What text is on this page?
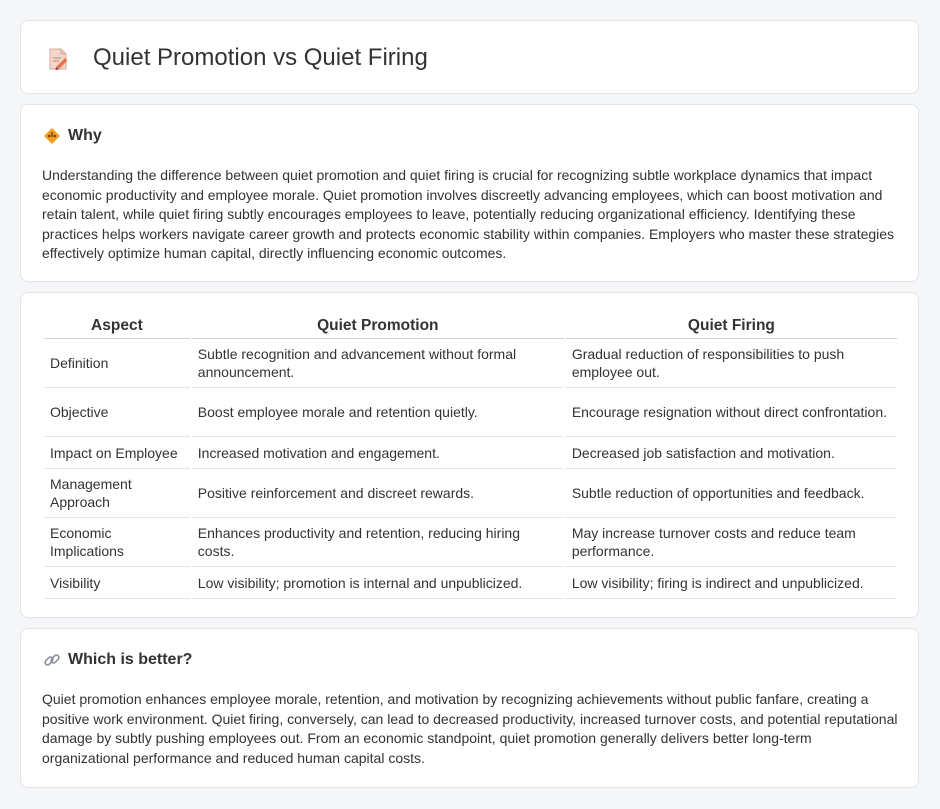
Quiet Promotion vs Quiet Firing
Why

Understanding the difference between quiet promotion and quiet firing is crucial for recognizing subtle workplace dynamics that impact economic productivity and employee morale. Quiet promotion involves discreetly advancing employees, which can boost motivation and retain talent, while quiet firing subtly encourages employees to leave, potentially reducing organizational efficiency. Identifying these practices helps workers navigate career growth and protects economic stability within companies. Employers who master these strategies effectively optimize human capital, directly influencing economic outcomes.

Aspect	Quiet Promotion	Quiet Firing
Definition	Subtle recognition and advancement without formal announcement.	Gradual reduction of responsibilities to push employee out.
Objective	Boost employee morale and retention quietly.	Encourage resignation without direct confrontation.
Impact on Employee	Increased motivation and engagement.	Decreased job satisfaction and motivation.
Management Approach	Positive reinforcement and discreet rewards.	Subtle reduction of opportunities and feedback.
Economic Implications	Enhances productivity and retention, reducing hiring costs.	May increase turnover costs and reduce team performance.
Visibility	Low visibility; promotion is internal and unpublicized.	Low visibility; firing is indirect and unpublicized.
Which is better?

Quiet promotion enhances employee morale, retention, and motivation by recognizing achievements without public fanfare, creating a positive work environment. Quiet firing, conversely, can lead to decreased productivity, increased turnover costs, and potential reputational damage by subtly pushing employees out. From an economic standpoint, quiet promotion generally delivers better long-term organizational performance and reduced human capital costs.
